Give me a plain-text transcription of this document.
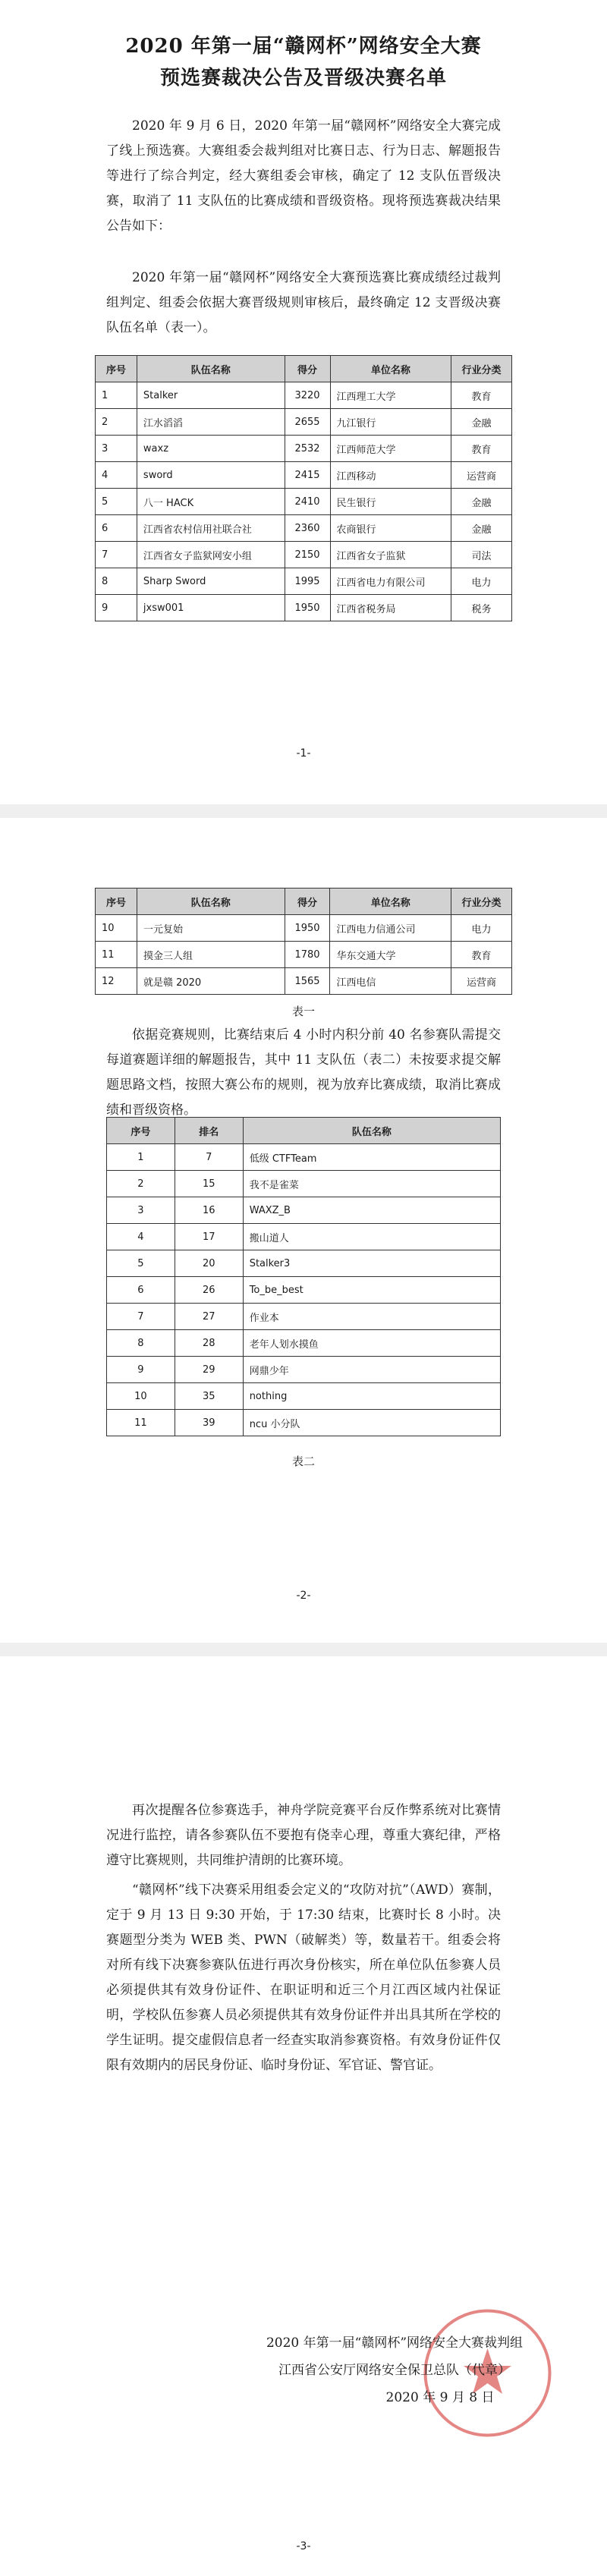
2020 年第一届“赣网杯”网络安全大赛

预选赛裁决公告及晋级决赛名单

2020 年 9 月 6 日，2020 年第一届“赣网杯”网络安全大赛完成了线上预选赛。大赛组委会裁判组对比赛日志、行为日志、解题报告等进行了综合判定，经大赛组委会审核，确定了 12 支队伍晋级决赛，取消了 11 支队伍的比赛成绩和晋级资格。现将预选赛裁决结果公告如下：

2020 年第一届“赣网杯”网络安全大赛预选赛比赛成绩经过裁判组判定、组委会依据大赛晋级规则审核后，最终确定 12 支晋级决赛队伍名单（表一）。

序号	队伍名称	得分	单位名称	行业分类
1	Stalker	3220	江西理工大学	教育
2	江水滔滔	2655	九江银行	金融
3	waxz	2532	江西师范大学	教育
4	sword	2415	江西移动	运营商
5	八一 HACK	2410	民生银行	金融
6	江西省农村信用社联合社	2360	农商银行	金融
7	江西省女子监狱网安小组	2150	江西省女子监狱	司法
8	Sharp Sword	1995	江西省电力有限公司	电力
9	jxsw001	1950	江西省税务局	税务
-1-
序号	队伍名称	得分	单位名称	行业分类
10	一元复始	1950	江西电力信通公司	电力
11	摸金三人组	1780	华东交通大学	教育
12	就是赣 2020	1565	江西电信	运营商
表一

依据竞赛规则，比赛结束后 4 小时内积分前 40 名参赛队需提交每道赛题详细的解题报告，其中 11 支队伍（表二）未按要求提交解题思路文档，按照大赛公布的规则，视为放弃比赛成绩，取消比赛成绩和晋级资格。

序号	排名	队伍名称
1	7	低级 CTFTeam
2	15	我不是雀菜
3	16	WAXZ_B
4	17	搬山道人
5	20	Stalker3
6	26	To_be_best
7	27	作业本
8	28	老年人划水摸鱼
9	29	网鼎少年
10	35	nothing
11	39	ncu 小分队
表二
-2-

再次提醒各位参赛选手，神舟学院竞赛平台反作弊系统对比赛情况进行监控，请各参赛队伍不要抱有侥幸心理，尊重大赛纪律，严格遵守比赛规则，共同维护清朗的比赛环境。

“赣网杯”线下决赛采用组委会定义的“攻防对抗”（AWD）赛制，定于 9 月 13 日 9:30 开始，于 17:30 结束，比赛时长 8 小时。决赛题型分类为 WEB 类、PWN（破解类）等，数量若干。组委会将对所有线下决赛参赛队伍进行再次身份核实，所在单位队伍参赛人员必须提供其有效身份证件、在职证明和近三个月江西区域内社保证明，学校队伍参赛人员必须提供其有效身份证件并出具其所在学校的学生证明。提交虚假信息者一经查实取消参赛资格。有效身份证件仅限有效期内的居民身份证、临时身份证、军官证、警官证。

2020 年第一届“赣网杯”网络安全大赛裁判组
江西省公安厅网络安全保卫总队（代章）
2020 年 9 月 8 日
-3-
